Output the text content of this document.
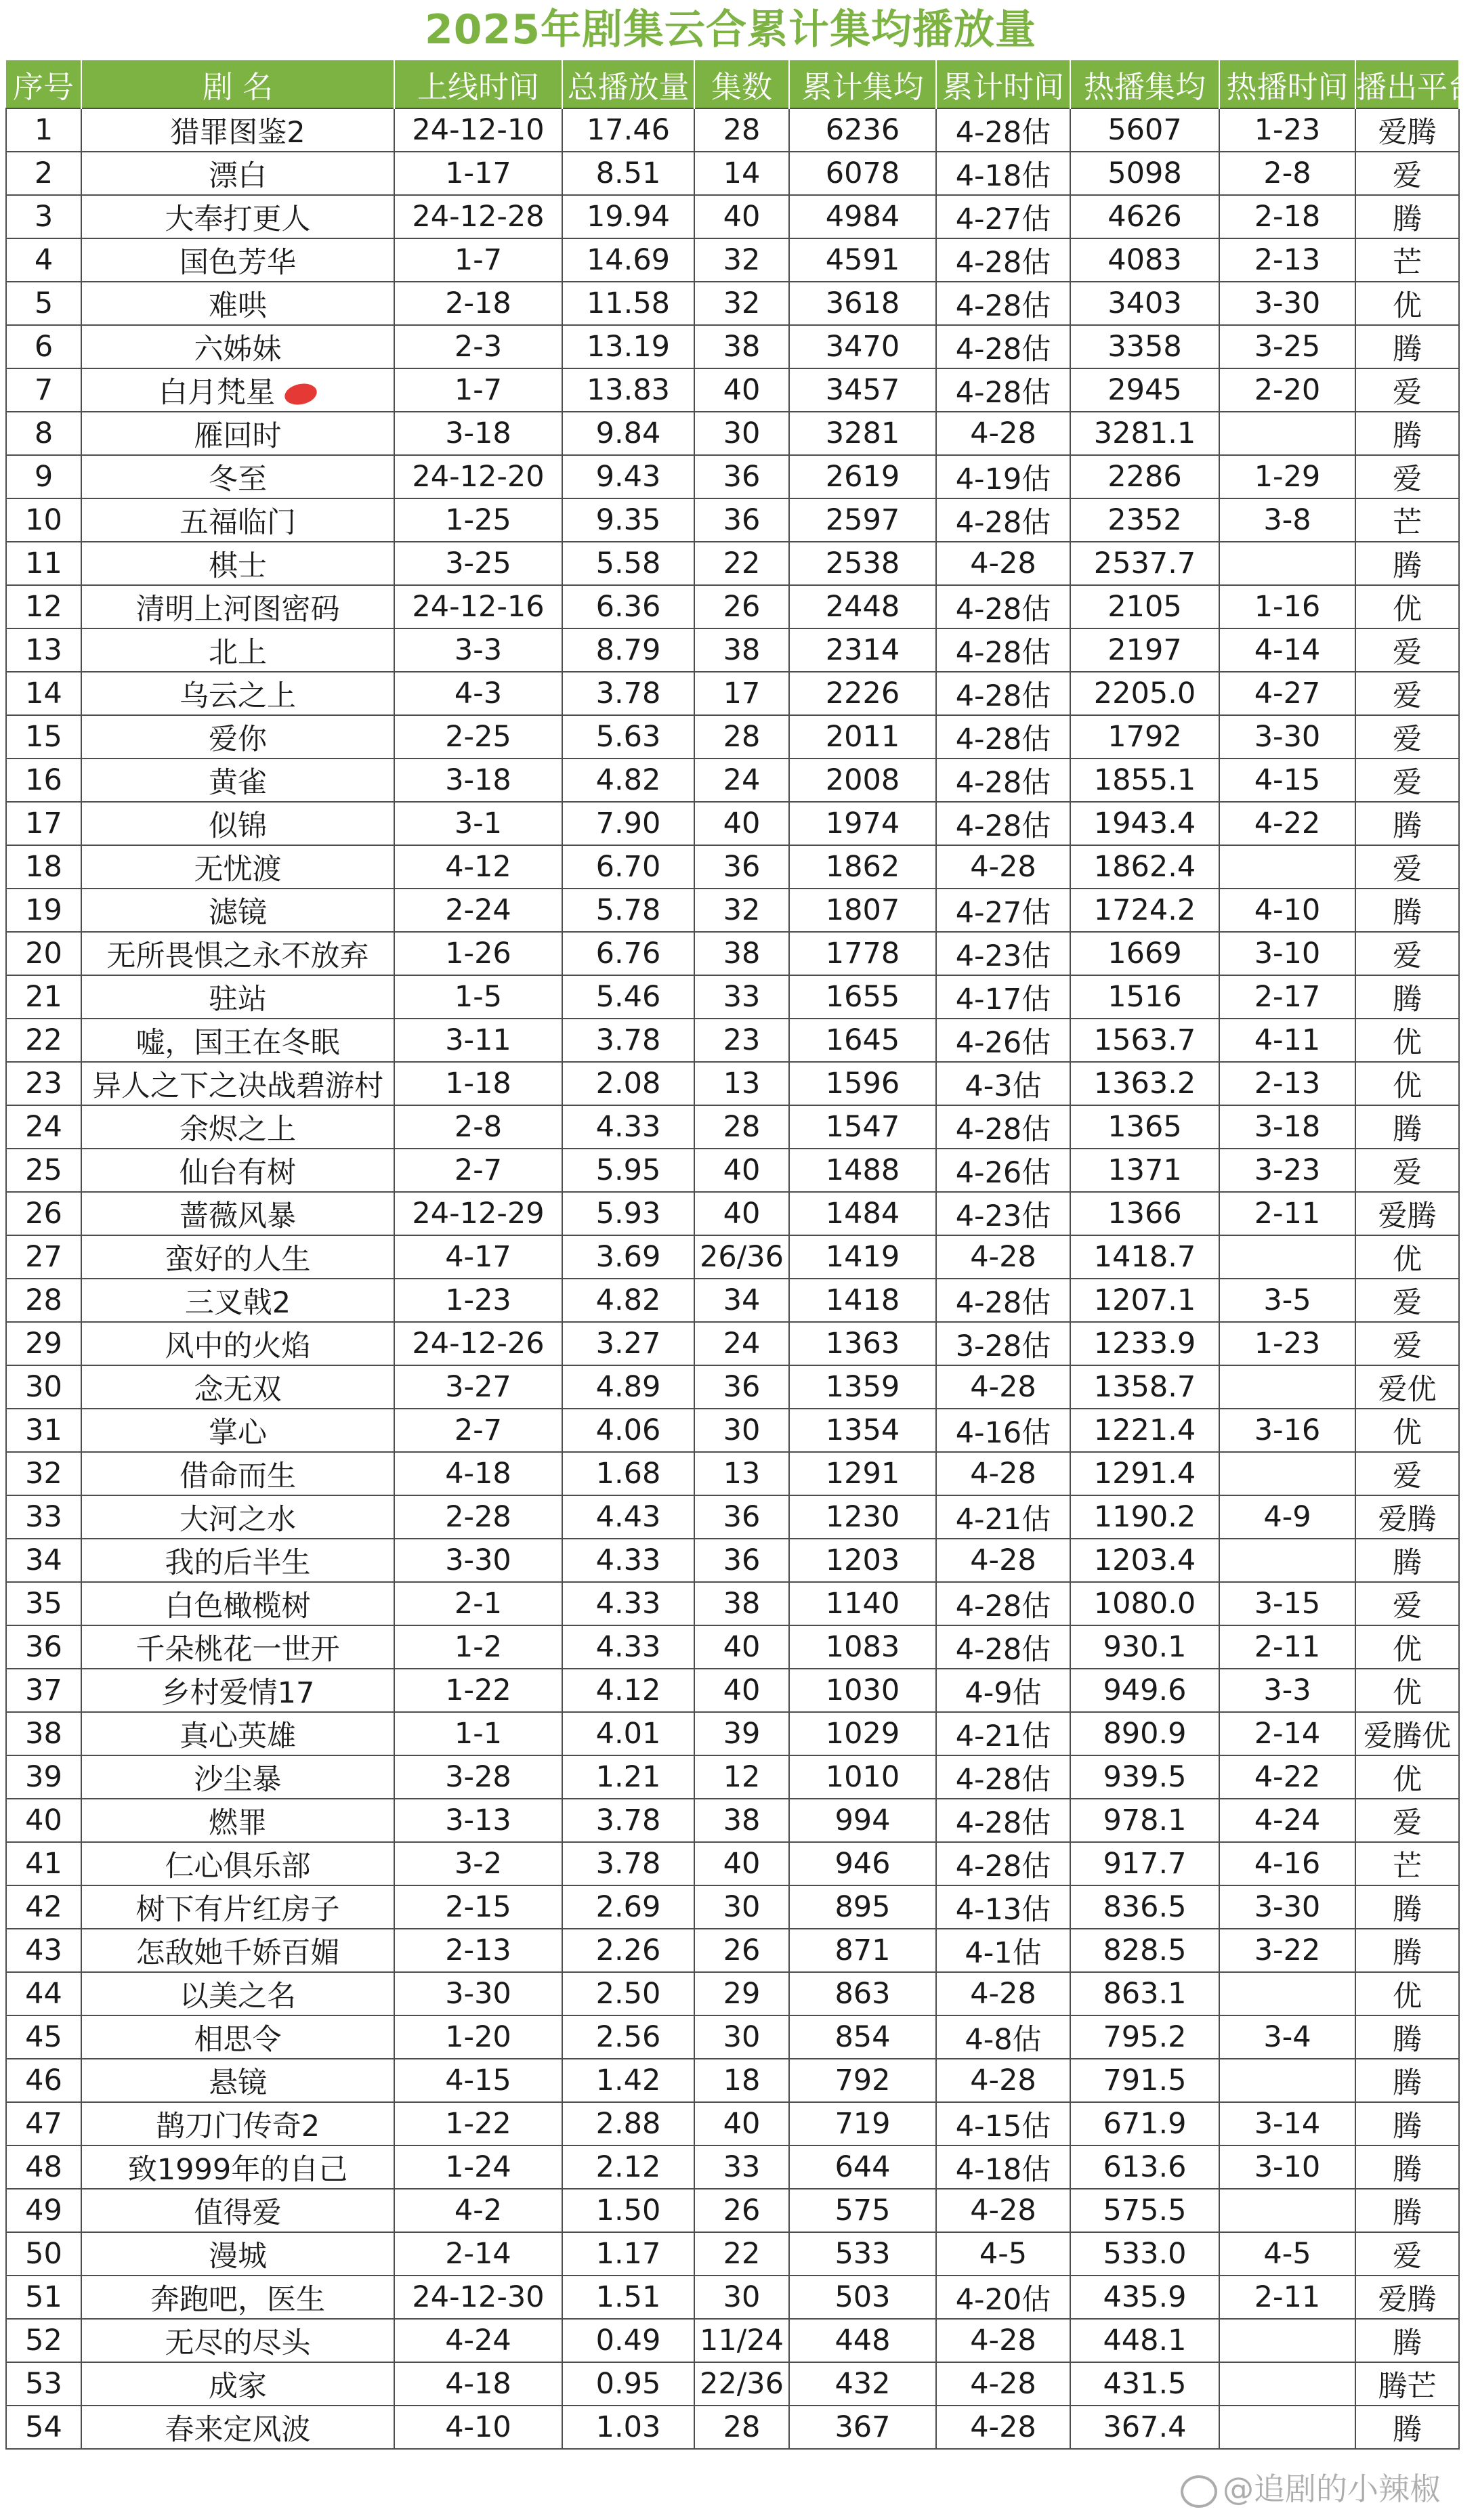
2025年剧集云合累计集均播放量
序号	剧 名	上线时间	总播放量	集数	累计集均	累计时间	热播集均	热播时间	播出平台
1	猎罪图鉴2	24-12-10	17.46	28	6236	4-28估	5607	1-23	爱腾
2	漂白	1-17	8.51	14	6078	4-18估	5098	2-8	爱
3	大奉打更人	24-12-28	19.94	40	4984	4-27估	4626	2-18	腾
4	国色芳华	1-7	14.69	32	4591	4-28估	4083	2-13	芒
5	难哄	2-18	11.58	32	3618	4-28估	3403	3-30	优
6	六姊妹	2-3	13.19	38	3470	4-28估	3358	3-25	腾
7	白月梵星	1-7	13.83	40	3457	4-28估	2945	2-20	爱
8	雁回时	3-18	9.84	30	3281	4-28	3281.1		腾
9	冬至	24-12-20	9.43	36	2619	4-19估	2286	1-29	爱
10	五福临门	1-25	9.35	36	2597	4-28估	2352	3-8	芒
11	棋士	3-25	5.58	22	2538	4-28	2537.7		腾
12	清明上河图密码	24-12-16	6.36	26	2448	4-28估	2105	1-16	优
13	北上	3-3	8.79	38	2314	4-28估	2197	4-14	爱
14	乌云之上	4-3	3.78	17	2226	4-28估	2205.0	4-27	爱
15	爱你	2-25	5.63	28	2011	4-28估	1792	3-30	爱
16	黄雀	3-18	4.82	24	2008	4-28估	1855.1	4-15	爱
17	似锦	3-1	7.90	40	1974	4-28估	1943.4	4-22	腾
18	无忧渡	4-12	6.70	36	1862	4-28	1862.4		爱
19	滤镜	2-24	5.78	32	1807	4-27估	1724.2	4-10	腾
20	无所畏惧之永不放弃	1-26	6.76	38	1778	4-23估	1669	3-10	爱
21	驻站	1-5	5.46	33	1655	4-17估	1516	2-17	腾
22	嘘，国王在冬眠	3-11	3.78	23	1645	4-26估	1563.7	4-11	优
23	异人之下之决战碧游村	1-18	2.08	13	1596	4-3估	1363.2	2-13	优
24	余烬之上	2-8	4.33	28	1547	4-28估	1365	3-18	腾
25	仙台有树	2-7	5.95	40	1488	4-26估	1371	3-23	爱
26	蔷薇风暴	24-12-29	5.93	40	1484	4-23估	1366	2-11	爱腾
27	蛮好的人生	4-17	3.69	26/36	1419	4-28	1418.7		优
28	三叉戟2	1-23	4.82	34	1418	4-28估	1207.1	3-5	爱
29	风中的火焰	24-12-26	3.27	24	1363	3-28估	1233.9	1-23	爱
30	念无双	3-27	4.89	36	1359	4-28	1358.7		爱优
31	掌心	2-7	4.06	30	1354	4-16估	1221.4	3-16	优
32	借命而生	4-18	1.68	13	1291	4-28	1291.4		爱
33	大河之水	2-28	4.43	36	1230	4-21估	1190.2	4-9	爱腾
34	我的后半生	3-30	4.33	36	1203	4-28	1203.4		腾
35	白色橄榄树	2-1	4.33	38	1140	4-28估	1080.0	3-15	爱
36	千朵桃花一世开	1-2	4.33	40	1083	4-28估	930.1	2-11	优
37	乡村爱情17	1-22	4.12	40	1030	4-9估	949.6	3-3	优
38	真心英雄	1-1	4.01	39	1029	4-21估	890.9	2-14	爱腾优
39	沙尘暴	3-28	1.21	12	1010	4-28估	939.5	4-22	优
40	燃罪	3-13	3.78	38	994	4-28估	978.1	4-24	爱
41	仁心俱乐部	3-2	3.78	40	946	4-28估	917.7	4-16	芒
42	树下有片红房子	2-15	2.69	30	895	4-13估	836.5	3-30	腾
43	怎敌她千娇百媚	2-13	2.26	26	871	4-1估	828.5	3-22	腾
44	以美之名	3-30	2.50	29	863	4-28	863.1		优
45	相思令	1-20	2.56	30	854	4-8估	795.2	3-4	腾
46	悬镜	4-15	1.42	18	792	4-28	791.5		腾
47	鹊刀门传奇2	1-22	2.88	40	719	4-15估	671.9	3-14	腾
48	致1999年的自己	1-24	2.12	33	644	4-18估	613.6	3-10	腾
49	值得爱	4-2	1.50	26	575	4-28	575.5		腾
50	漫城	2-14	1.17	22	533	4-5	533.0	4-5	爱
51	奔跑吧，医生	24-12-30	1.51	30	503	4-20估	435.9	2-11	爱腾
52	无尽的尽头	4-24	0.49	11/24	448	4-28	448.1		腾
53	成家	4-18	0.95	22/36	432	4-28	431.5		腾芒
54	春来定风波	4-10	1.03	28	367	4-28	367.4		腾
@追剧的小辣椒
